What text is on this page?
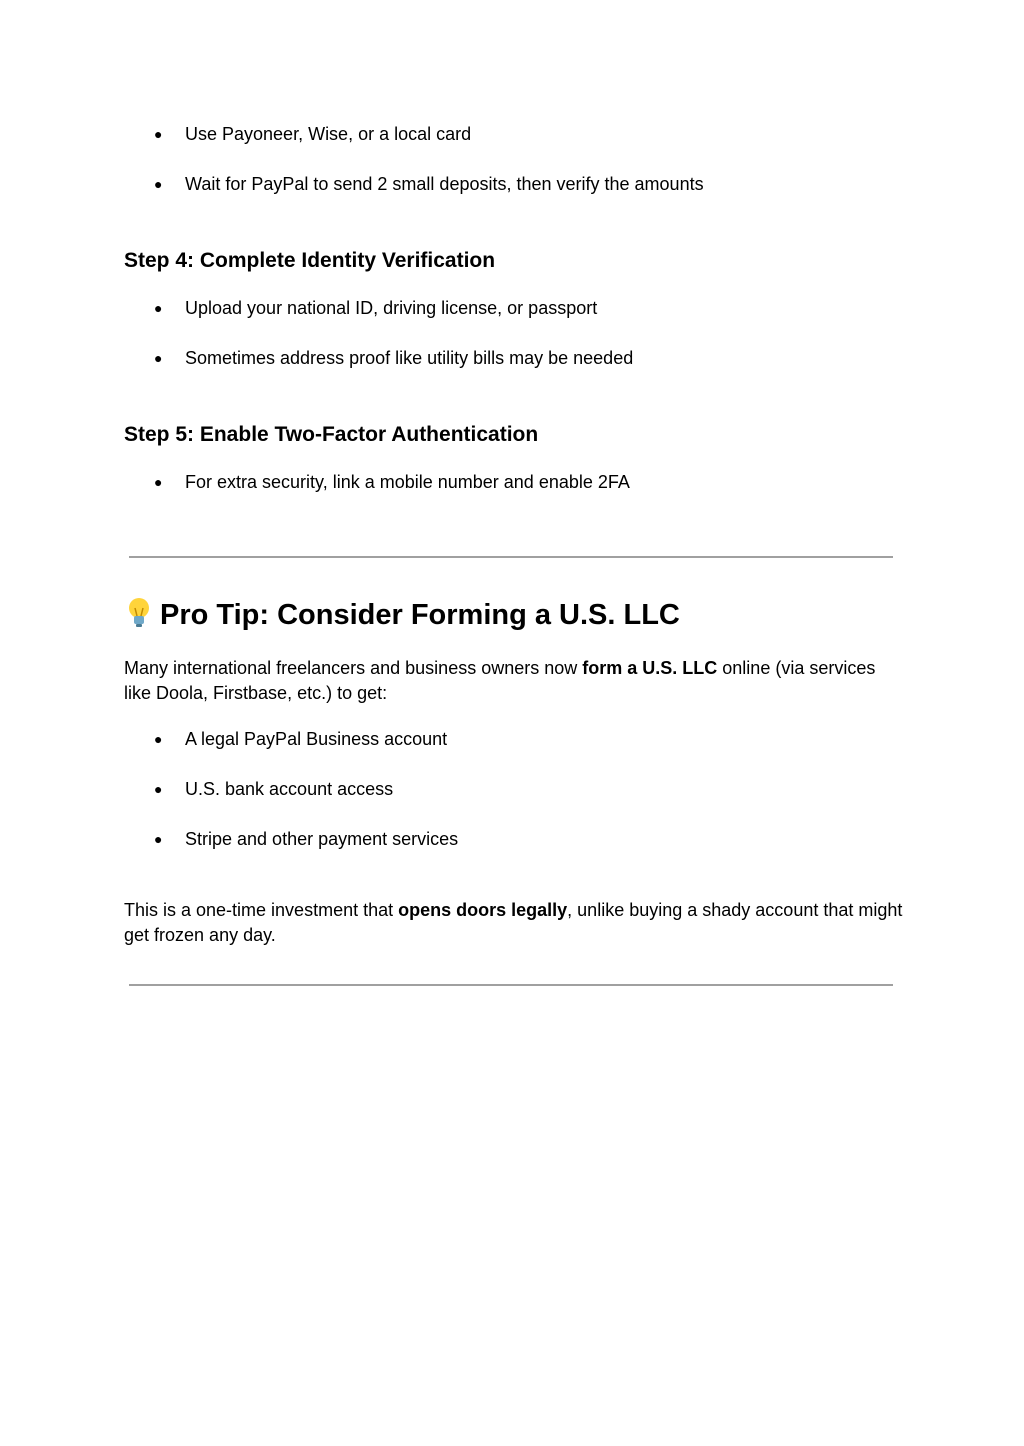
● Use Payoneer, Wise, or a local card
● Wait for PayPal to send 2 small deposits, then verify the amounts
Step 4: Complete Identity Verification
● Upload your national ID, driving license, or passport
● Sometimes address proof like utility bills may be needed
Step 5: Enable Two-Factor Authentication
● For extra security, link a mobile number and enable 2FA
Pro Tip: Consider Forming a U.S. LLC
Many international freelancers and business owners now form a U.S. LLC online (via services like Doola, Firstbase, etc.) to get:
● A legal PayPal Business account
● U.S. bank account access
● Stripe and other payment services
This is a one-time investment that opens doors legally, unlike buying a shady account that might get frozen any day.
